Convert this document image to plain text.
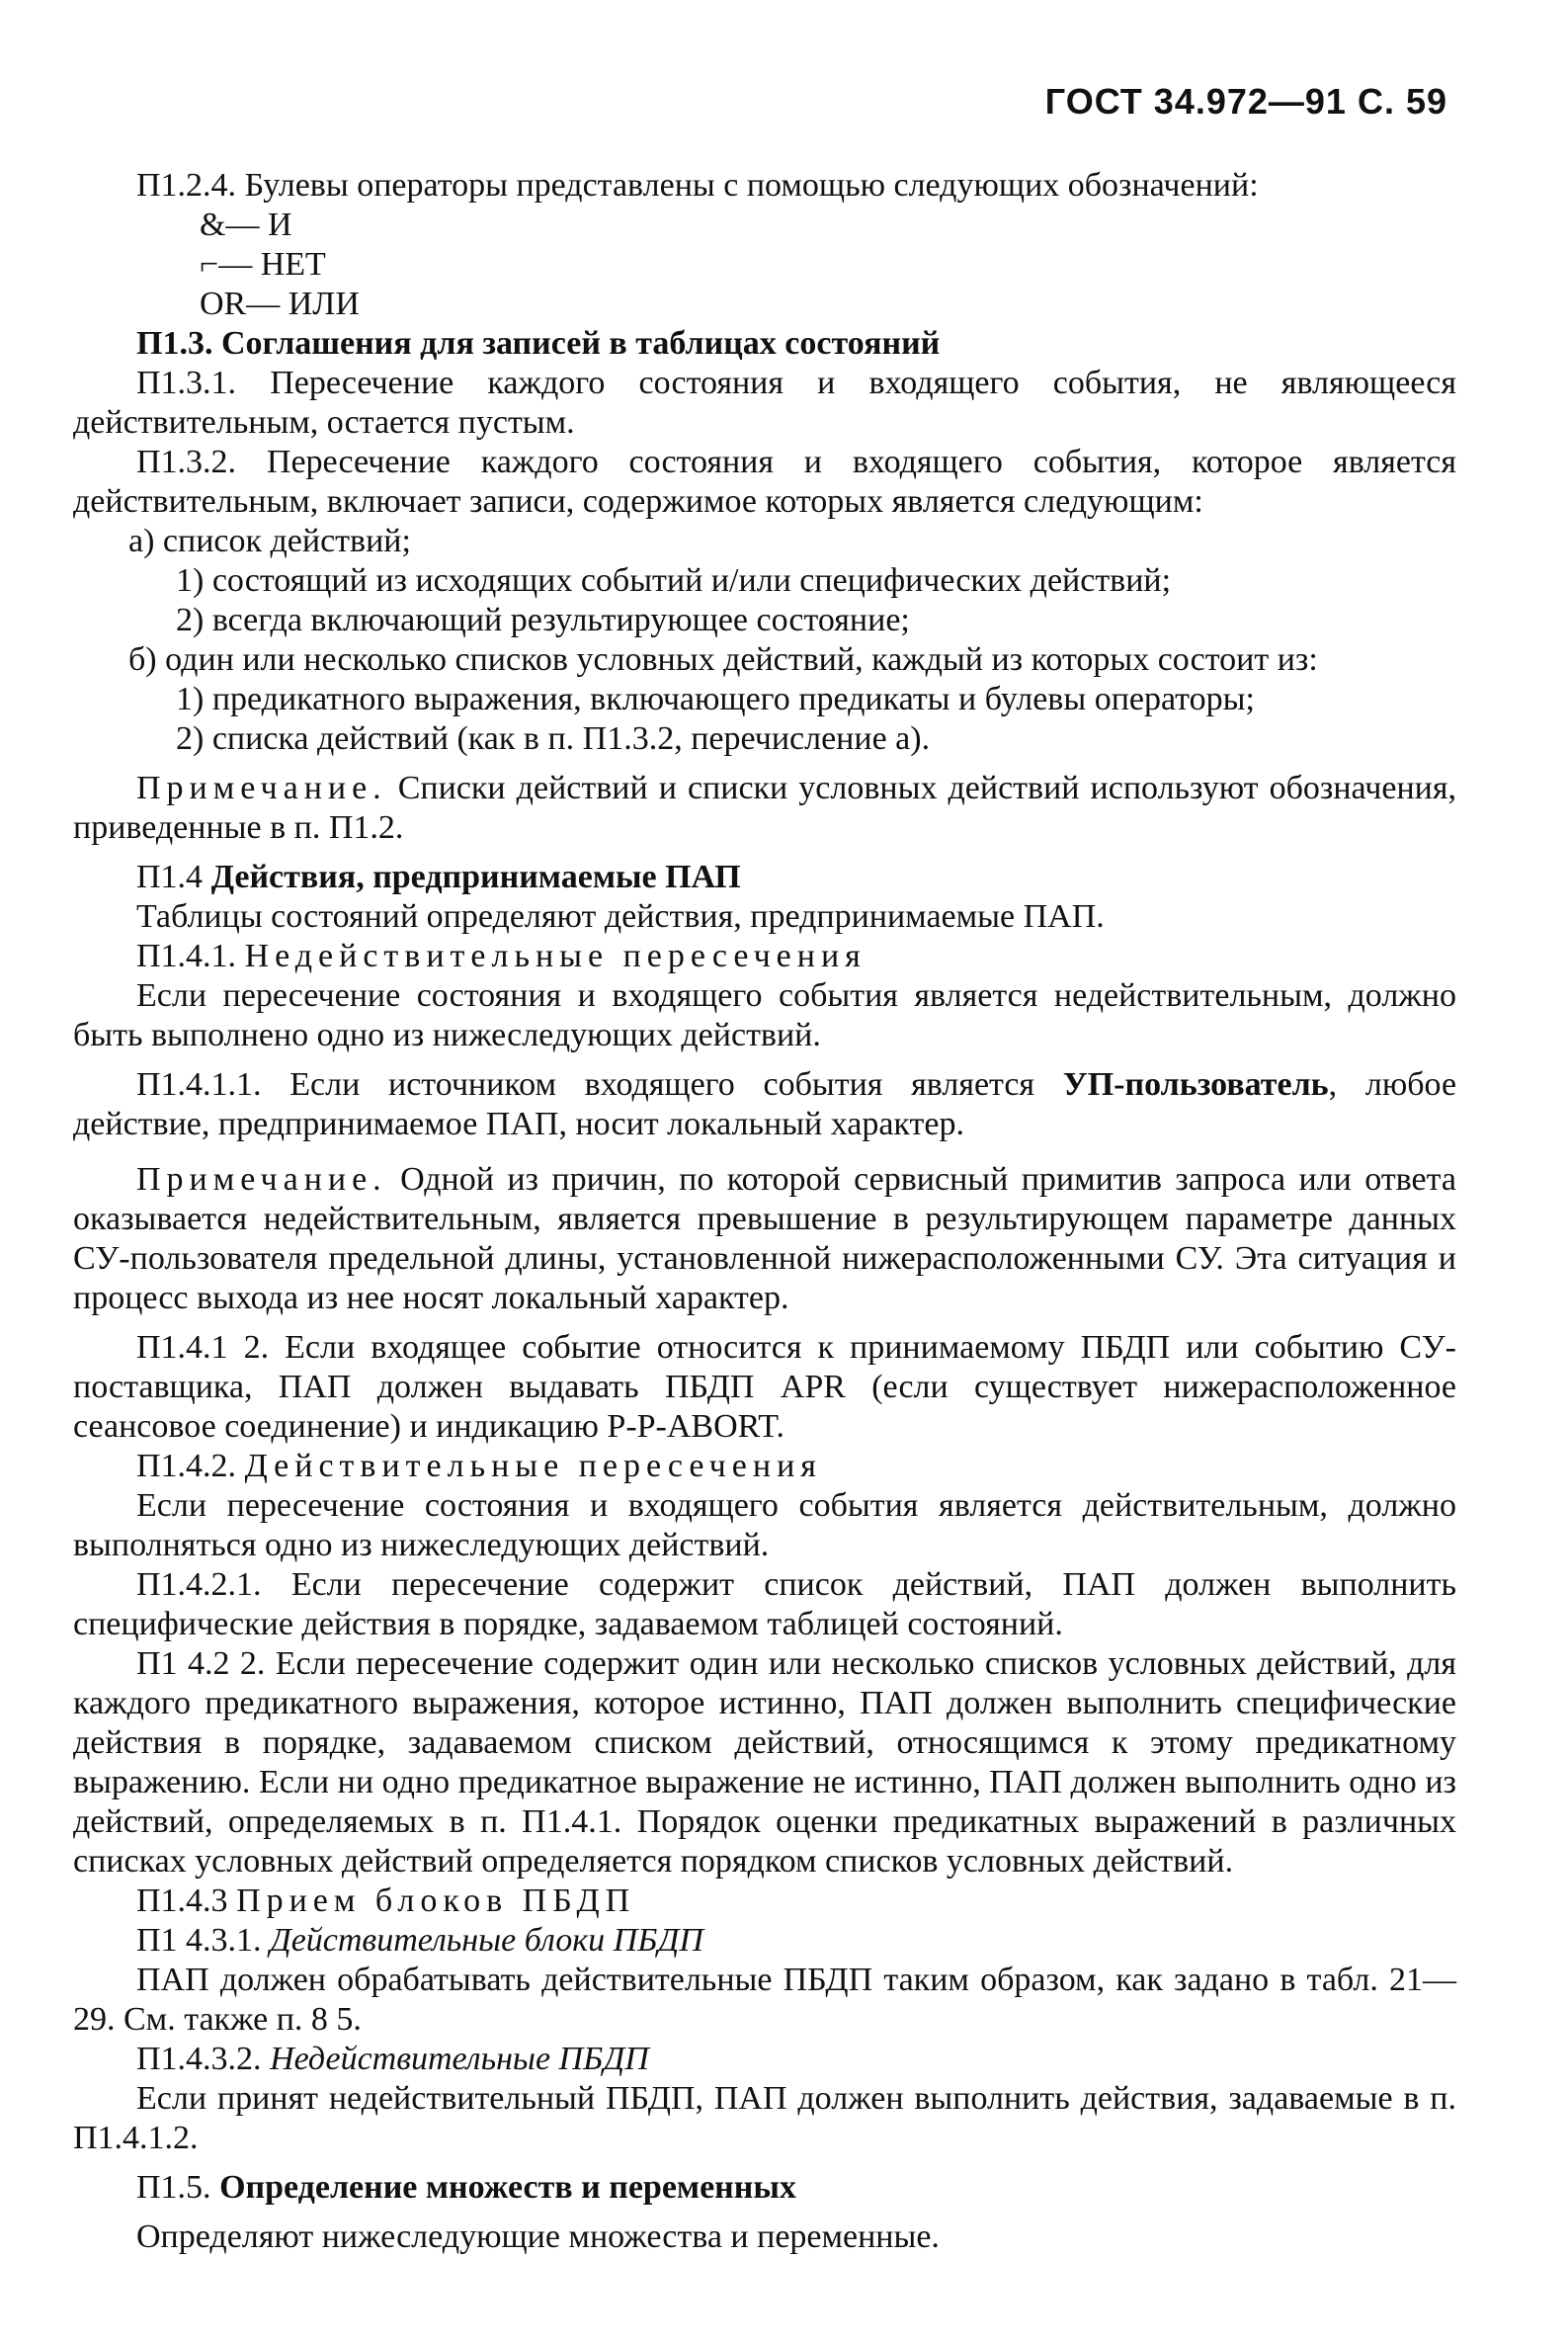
ГОСТ 34.972—91 С. 59

П1.2.4. Булевы операторы представлены с помощью следующих обозначений:

&— И

⌐— НЕТ

OR— ИЛИ

П1.3. Соглашения для записей в таблицах состояний

П1.3.1. Пересечение каждого состояния и входящего события, не являющееся действительным, остается пустым.

П1.3.2. Пересечение каждого состояния и входящего события, которое является действительным, включает записи, содержимое которых является следующим:

а) список действий;

1) состоящий из исходящих событий и/или специфических действий;

2) всегда включающий результирующее состояние;

б) один или несколько списков условных действий, каждый из которых состоит из:

1) предикатного выражения, включающего предикаты и булевы операторы;

2) списка действий (как в п. П1.3.2, перечисление а).

Примечание. Списки действий и списки условных действий используют обозначения, приведенные в п. П1.2.

П1.4 Действия, предпринимаемые ПАП

Таблицы состояний определяют действия, предпринимаемые ПАП.

П1.4.1. Недействительные пересечения

Если пересечение состояния и входящего события является недействительным, должно быть выполнено одно из нижеследующих действий.

П1.4.1.1. Если источником входящего события является УП-пользователь, любое действие, предпринимаемое ПАП, носит локальный характер.

Примечание. Одной из причин, по которой сервисный примитив запроса или ответа оказывается недействительным, является превышение в результирующем параметре данных СУ-пользователя предельной длины, установленной нижерасположенными СУ. Эта ситуация и процесс выхода из нее носят локальный характер.

П1.4.1 2. Если входящее событие относится к принимаемому ПБДП или событию СУ-поставщика, ПАП должен выдавать ПБДП APR (если существует нижерасположенное сеансовое соединение) и индикацию P-P-ABORT.

П1.4.2. Действительные пересечения

Если пересечение состояния и входящего события является действительным, должно выполняться одно из нижеследующих действий.

П1.4.2.1. Если пересечение содержит список действий, ПАП должен выполнить специфические действия в порядке, задаваемом таблицей состояний.

П1 4.2 2. Если пересечение содержит один или несколько списков условных действий, для каждого предикатного выражения, которое истинно, ПАП должен выполнить специфические действия в порядке, задаваемом списком действий, относящимся к этому предикатному выражению. Если ни одно предикатное выражение не истинно, ПАП должен выполнить одно из действий, определяемых в п. П1.4.1. Порядок оценки предикатных выражений в различных списках условных действий определяется порядком списков условных действий.

П1.4.3 Прием блоков ПБДП

П1 4.3.1. Действительные блоки ПБДП

ПАП должен обрабатывать действительные ПБДП таким образом, как задано в табл. 21—29. См. также п. 8 5.

П1.4.3.2. Недействительные ПБДП

Если принят недействительный ПБДП, ПАП должен выполнить действия, задаваемые в п. П1.4.1.2.

П1.5. Определение множеств и переменных

Определяют нижеследующие множества и переменные.
